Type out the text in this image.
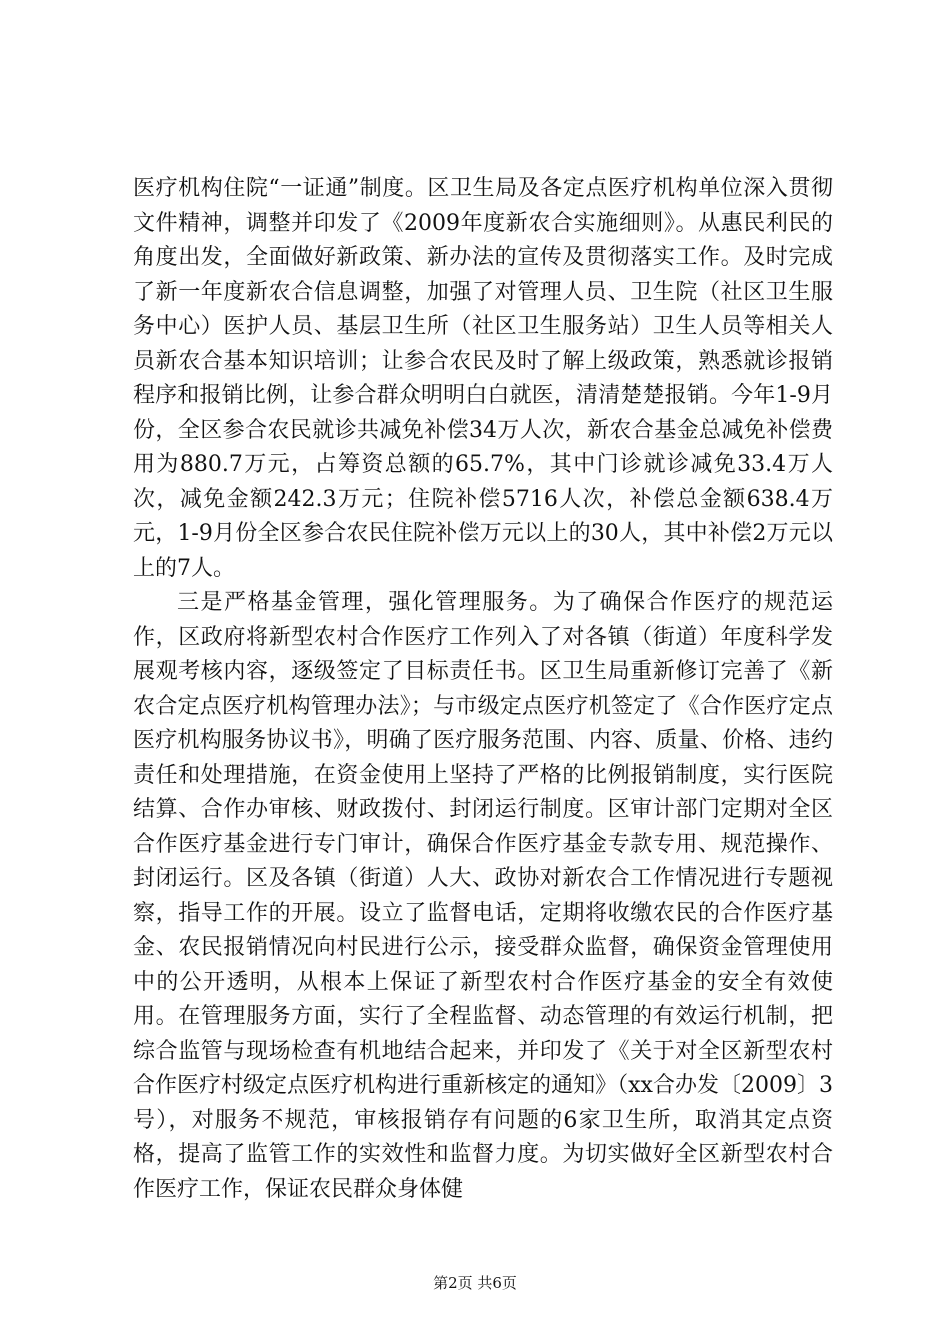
医疗机构住院“一证通”制度。区卫生局及各定点医疗机构单位深入贯彻文件精神，调整并印发了《2009年度新农合实施细则》。从惠民利民的角度出发，全面做好新政策、新办法的宣传及贯彻落实工作。及时完成了新一年度新农合信息调整，加强了对管理人员、卫生院（社区卫生服务中心）医护人员、基层卫生所（社区卫生服务站）卫生人员等相关人员新农合基本知识培训；让参合农民及时了解上级政策，熟悉就诊报销程序和报销比例，让参合群众明明白白就医，清清楚楚报销。今年1-9月份，全区参合农民就诊共减免补偿34万人次，新农合基金总减免补偿费用为880.7万元，占筹资总额的65.7%，其中门诊就诊减免33.4万人次，减免金额242.3万元；住院补偿5716人次，补偿总金额638.4万元，1-9月份全区参合农民住院补偿万元以上的30人，其中补偿2万元以上的7人。

三是严格基金管理，强化管理服务。为了确保合作医疗的规范运作，区政府将新型农村合作医疗工作列入了对各镇（街道）年度科学发展观考核内容，逐级签定了目标责任书。区卫生局重新修订完善了《新农合定点医疗机构管理办法》；与市级定点医疗机签定了《合作医疗定点医疗机构服务协议书》，明确了医疗服务范围、内容、质量、价格、违约责任和处理措施，在资金使用上坚持了严格的比例报销制度，实行医院结算、合作办审核、财政拨付、封闭运行制度。区审计部门定期对全区合作医疗基金进行专门审计，确保合作医疗基金专款专用、规范操作、封闭运行。区及各镇（街道）人大、政协对新农合工作情况进行专题视察，指导工作的开展。设立了监督电话，定期将收缴农民的合作医疗基金、农民报销情况向村民进行公示，接受群众监督，确保资金管理使用中的公开透明，从根本上保证了新型农村合作医疗基金的安全有效使用。在管理服务方面，实行了全程监督、动态管理的有效运行机制，把综合监管与现场检查有机地结合起来，并印发了《关于对全区新型农村合作医疗村级定点医疗机构进行重新核定的通知》（xx合办发〔2009〕3号），对服务不规范，审核报销存有问题的6家卫生所，取消其定点资格，提高了监管工作的实效性和监督力度。为切实做好全区新型农村合作医疗工作，保证农民群众身体健

第2页 共6页
